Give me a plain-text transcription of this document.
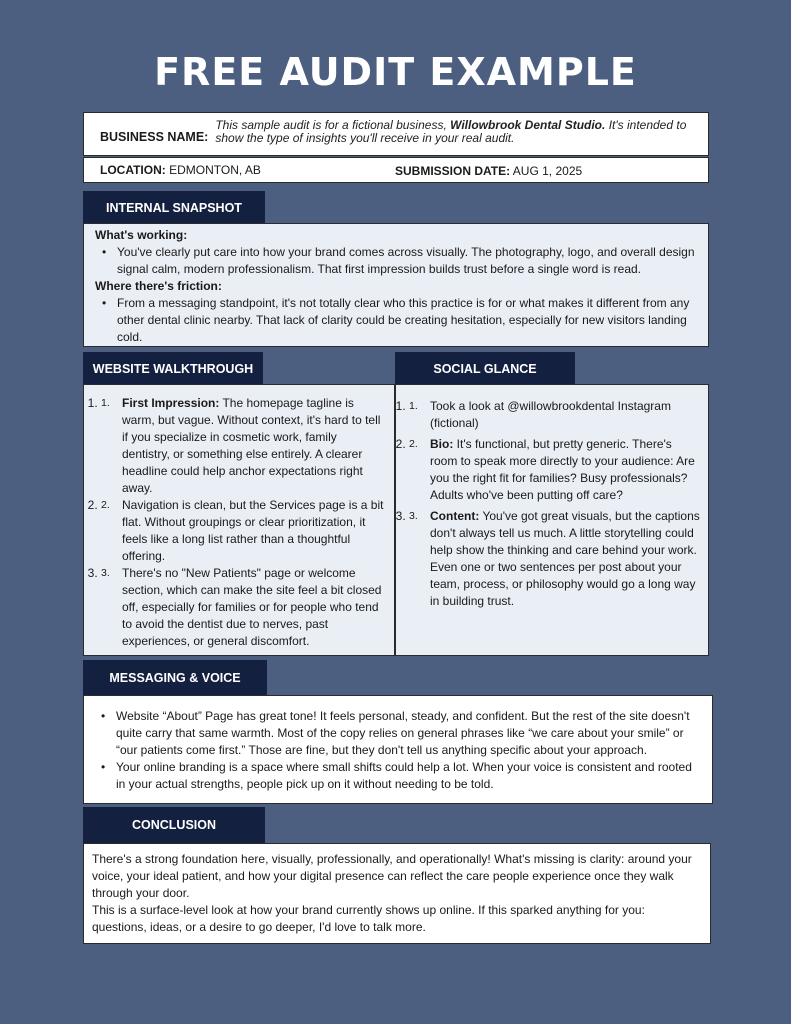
FREE AUDIT EXAMPLE
BUSINESS NAME:
This sample audit is for a fictional business, Willowbrook Dental Studio. It's intended to show the type of insights you'll receive in your real audit.
LOCATION: EDMONTON, AB	SUBMISSION DATE: AUG 1, 2025
INTERNAL SNAPSHOT
What's working:
• You've clearly put care into how your brand comes across visually. The photography, logo, and overall design signal calm, modern professionalism. That first impression builds trust before a single word is read.
Where there's friction:
• From a messaging standpoint, it's not totally clear who this practice is for or what makes it different from any other dental clinic nearby. That lack of clarity could be creating hesitation, especially for new visitors landing cold.
WEBSITE WALKTHROUGH
1. 1. First Impression: The homepage tagline is warm, but vague. Without context, it's hard to tell if you specialize in cosmetic work, family dentistry, or something else entirely. A clearer headline could help anchor expectations right away.
2. 2. Navigation is clean, but the Services page is a bit flat. Without groupings or clear prioritization, it feels like a long list rather than a thoughtful offering.
3. 3. There's no "New Patients" page or welcome section, which can make the site feel a bit closed off, especially for families or for people who tend to avoid the dentist due to nerves, past experiences, or general discomfort.
SOCIAL GLANCE
1. 1. Took a look at @willowbrookdental Instagram (fictional)
2. 2. Bio: It's functional, but pretty generic. There's room to speak more directly to your audience: Are you the right fit for families? Busy professionals? Adults who've been putting off care?
3. 3. Content: You've got great visuals, but the captions don't always tell us much. A little storytelling could help show the thinking and care behind your work. Even one or two sentences per post about your team, process, or philosophy would go a long way in building trust.
MESSAGING & VOICE
• Website “About” Page has great tone! It feels personal, steady, and confident. But the rest of the site doesn't quite carry that same warmth. Most of the copy relies on general phrases like “we care about your smile” or “our patients come first.” Those are fine, but they don't tell us anything specific about your approach.
• Your online branding is a space where small shifts could help a lot. When your voice is consistent and rooted in your actual strengths, people pick up on it without needing to be told.
CONCLUSION

There's a strong foundation here, visually, professionally, and operationally! What's missing is clarity: around your voice, your ideal patient, and how your digital presence can reflect the care people experience once they walk through your door.

This is a surface-level look at how your brand currently shows up online. If this sparked anything for you: questions, ideas, or a desire to go deeper, I'd love to talk more.
